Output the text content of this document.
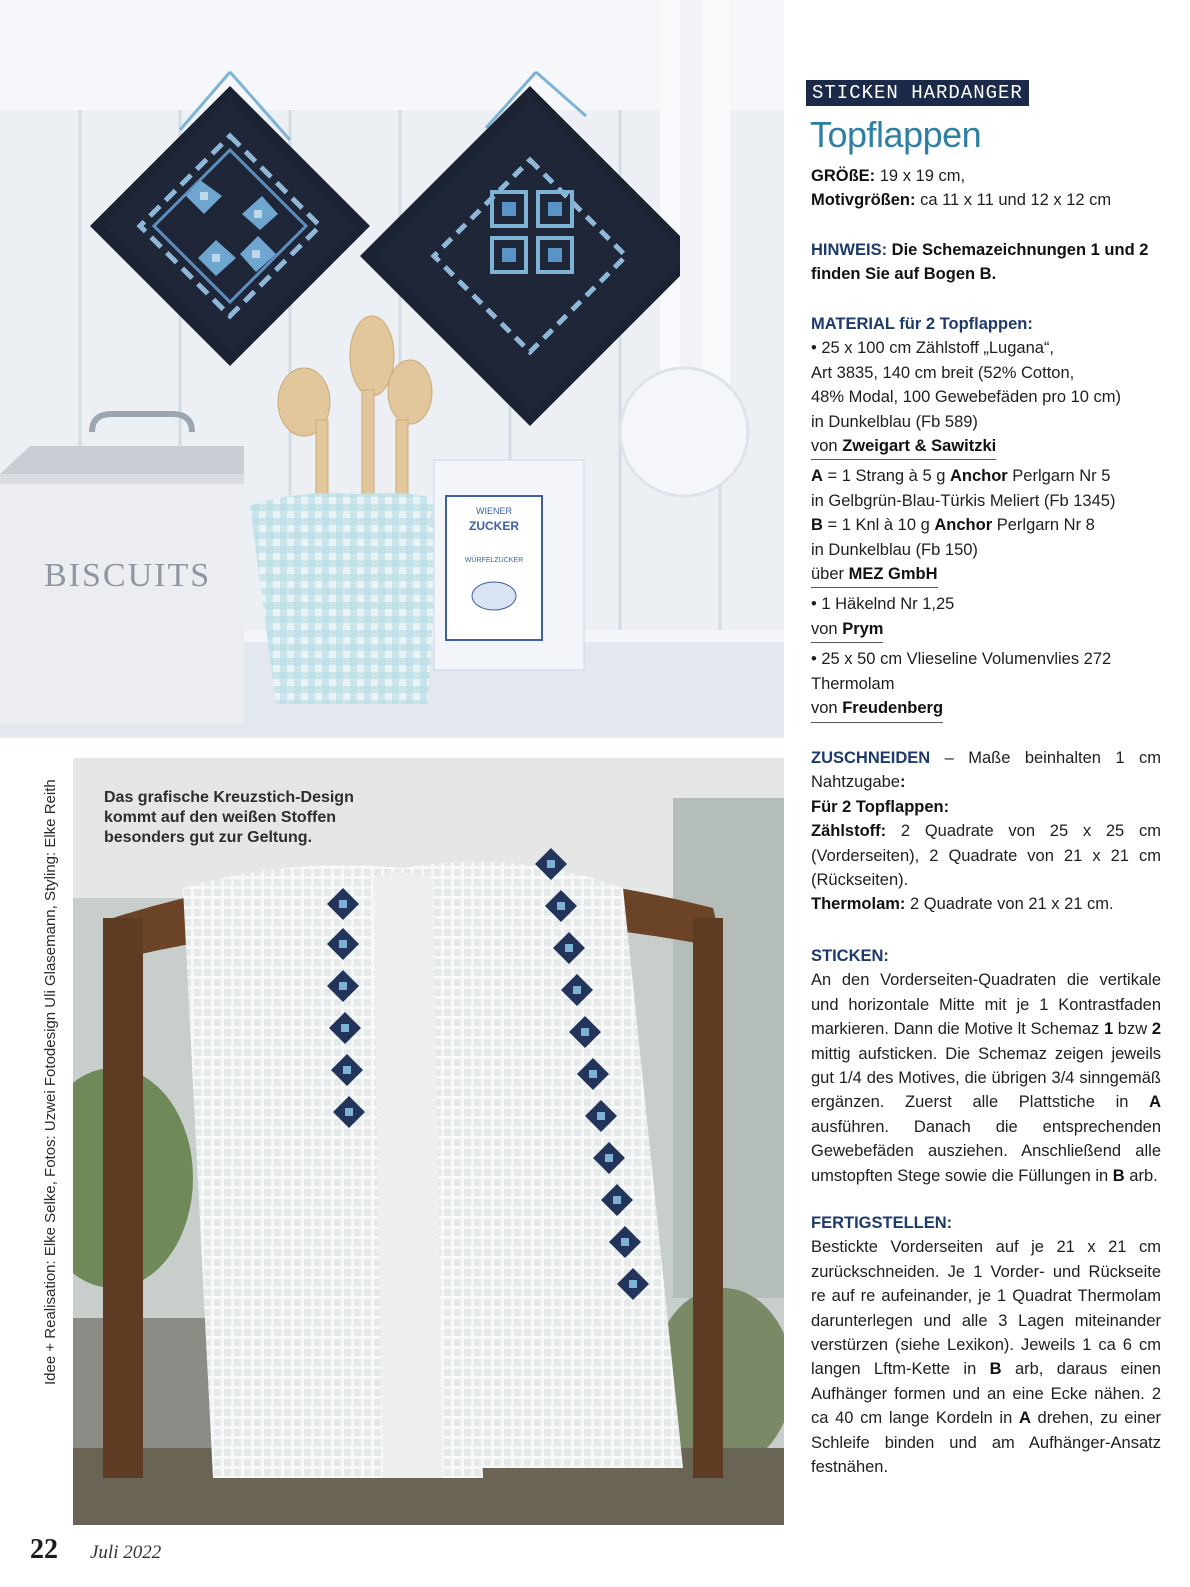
BISCUITS
WIENER
ZUCKER
WÜRFELZUCKER
Das grafische Kreuzstich-Design kommt auf den weißen Stoffen besonders gut zur Geltung.
Idee + Realisation: Elke Selke, Fotos: Uzwei Fotodesign Uli Glasemann, Styling: Elke Reith
STICKEN HARDANGER
Topflappen
GRÖßE: 19 x 19 cm,
Motivgrößen: ca 11 x 11 und 12 x 12 cm
HINWEIS: Die Schemazeichnungen 1 und 2 finden Sie auf Bogen B.
MATERIAL für 2 Topflappen:
• 25 x 100 cm Zählstoff „Lugana“,
Art 3835, 140 cm breit (52% Cotton,
48% Modal, 100 Gewebefäden pro 10 cm)
in Dunkelblau (Fb 589)
von Zweigart & Sawitzki
A = 1 Strang à 5 g Anchor Perlgarn Nr 5
in Gelbgrün-Blau-Türkis Meliert (Fb 1345)
B = 1 Knl à 10 g Anchor Perlgarn Nr 8
in Dunkelblau (Fb 150)
über MEZ GmbH
• 1 Häkelnd Nr 1,25
von Prym
• 25 x 50 cm Vlieseline Volumenvlies 272
Thermolam
von Freudenberg
ZUSCHNEIDEN – Maße beinhalten 1 cm Nahtzugabe:
Für 2 Topflappen:
Zählstoff: 2 Quadrate von 25 x 25 cm (Vorderseiten), 2 Quadrate von 21 x 21 cm (Rückseiten).
Thermolam: 2 Quadrate von 21 x 21 cm.
STICKEN:
An den Vorderseiten-Quadraten die vertikale und horizontale Mitte mit je 1 Kontrastfaden markieren. Dann die Motive lt Schemaz 1 bzw 2 mittig aufsticken. Die Schemaz zeigen jeweils gut 1/4 des Motives, die übrigen 3/4 sinngemäß ergänzen. Zuerst alle Plattstiche in A ausführen. Danach die entsprechenden Gewebefäden ausziehen. Anschließend alle umstopften Stege sowie die Füllungen in B arb.
FERTIGSTELLEN:
Bestickte Vorderseiten auf je 21 x 21 cm zurückschneiden. Je 1 Vorder- und Rückseite re auf re aufeinander, je 1 Quadrat Thermolam darunterlegen und alle 3 Lagen miteinander verstürzen (siehe Lexikon). Jeweils 1 ca 6 cm langen Lftm-Kette in B arb, daraus einen Aufhänger formen und an eine Ecke nähen. 2 ca 40 cm lange Kordeln in A drehen, zu einer Schleife binden und am Aufhänger-Ansatz festnähen.
22 Juli 2022
